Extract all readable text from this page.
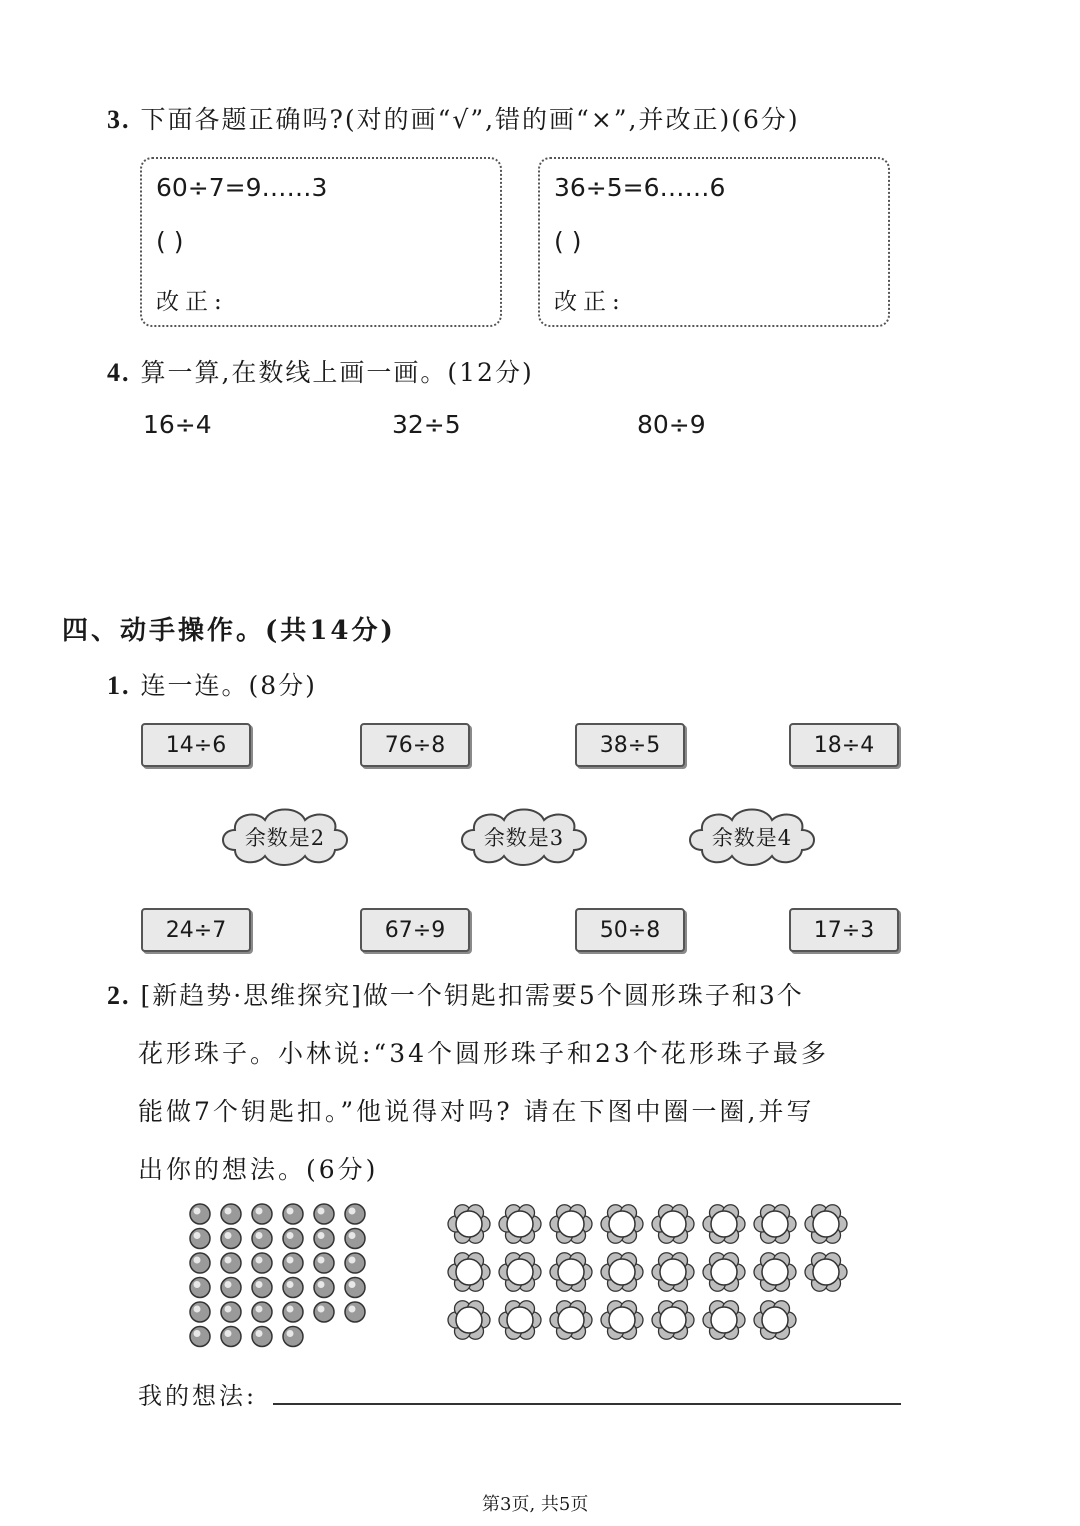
3. 下面各题正确吗?(对的画“√”,错的画“×”,并改正)(6分)
60÷7=9……3
( )
改正:
36÷5=6……6
( )
改正:
4. 算一算,在数线上画一画。(12分)
16÷4	32÷5	80÷9
四、动手操作。(共14分)
1. 连一连。(8分)
14÷6	76÷8	38÷5	18÷4
余数是2	余数是3	余数是4
24÷7	67÷9	50÷8	17÷3
2. [新趋势·思维探究]做一个钥匙扣需要5个圆形珠子和3个
花形珠子。小林说:“34个圆形珠子和23个花形珠子最多
能做7个钥匙扣。”他说得对吗? 请在下图中圈一圈,并写
出你的想法。(6分)
我的想法:
第3页, 共5页
